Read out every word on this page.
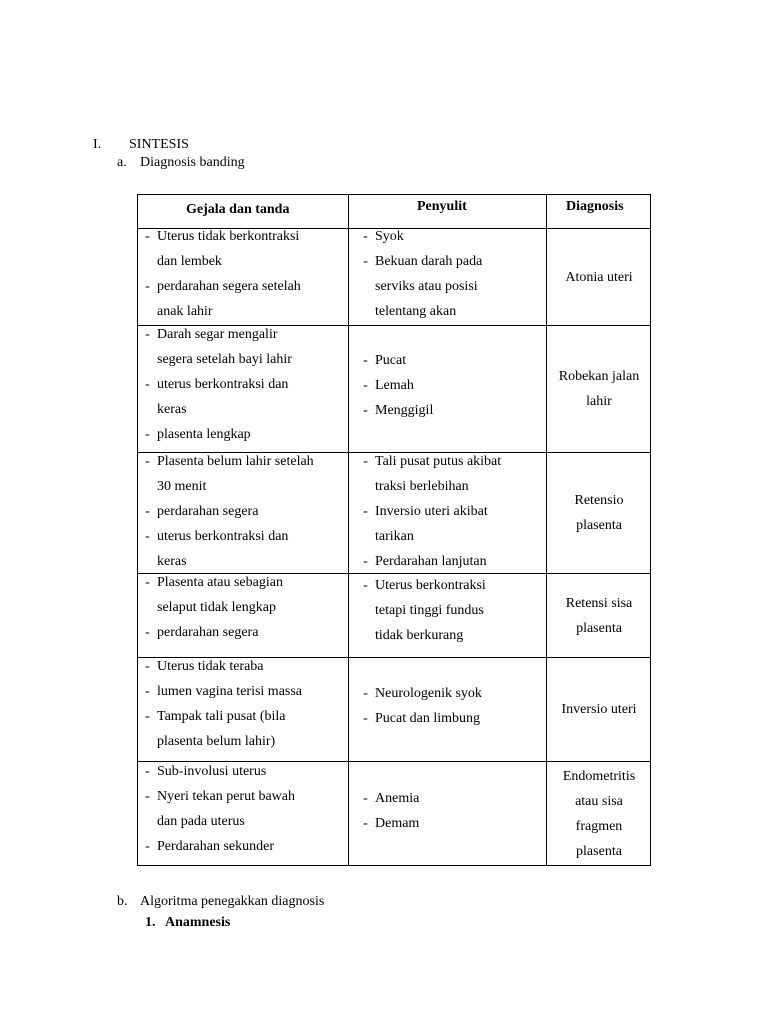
I. SINTESIS
a. Diagnosis banding
Gejala dan tanda	Penyulit	Diagnosis
- Uterus tidak berkontraksi
dan lembek
- perdarahan segera setelah
anak lahir
- Syok
- Bekuan darah pada
serviks atau posisi
telentang akan
Atonia uteri
- Darah segar mengalir
segera setelah bayi lahir
- uterus berkontraksi dan
keras
- plasenta lengkap
- Pucat
- Lemah
- Menggigil
Robekan jalan
lahir
- Plasenta belum lahir setelah
30 menit
- perdarahan segera
- uterus berkontraksi dan
keras
- Tali pusat putus akibat
traksi berlebihan
- Inversio uteri akibat
tarikan
- Perdarahan lanjutan
Retensio
plasenta
- Plasenta atau sebagian
selaput tidak lengkap
- perdarahan segera
- Uterus berkontraksi
tetapi tinggi fundus
tidak berkurang
Retensi sisa
plasenta
- Uterus tidak teraba
- lumen vagina terisi massa
- Tampak tali pusat (bila
plasenta belum lahir)
- Neurologenik syok
- Pucat dan limbung
Inversio uteri
- Sub-involusi uterus
- Nyeri tekan perut bawah
dan pada uterus
- Perdarahan sekunder
- Anemia
- Demam
Endometritis
atau sisa
fragmen
plasenta
b. Algoritma penegakkan diagnosis
1. Anamnesis
